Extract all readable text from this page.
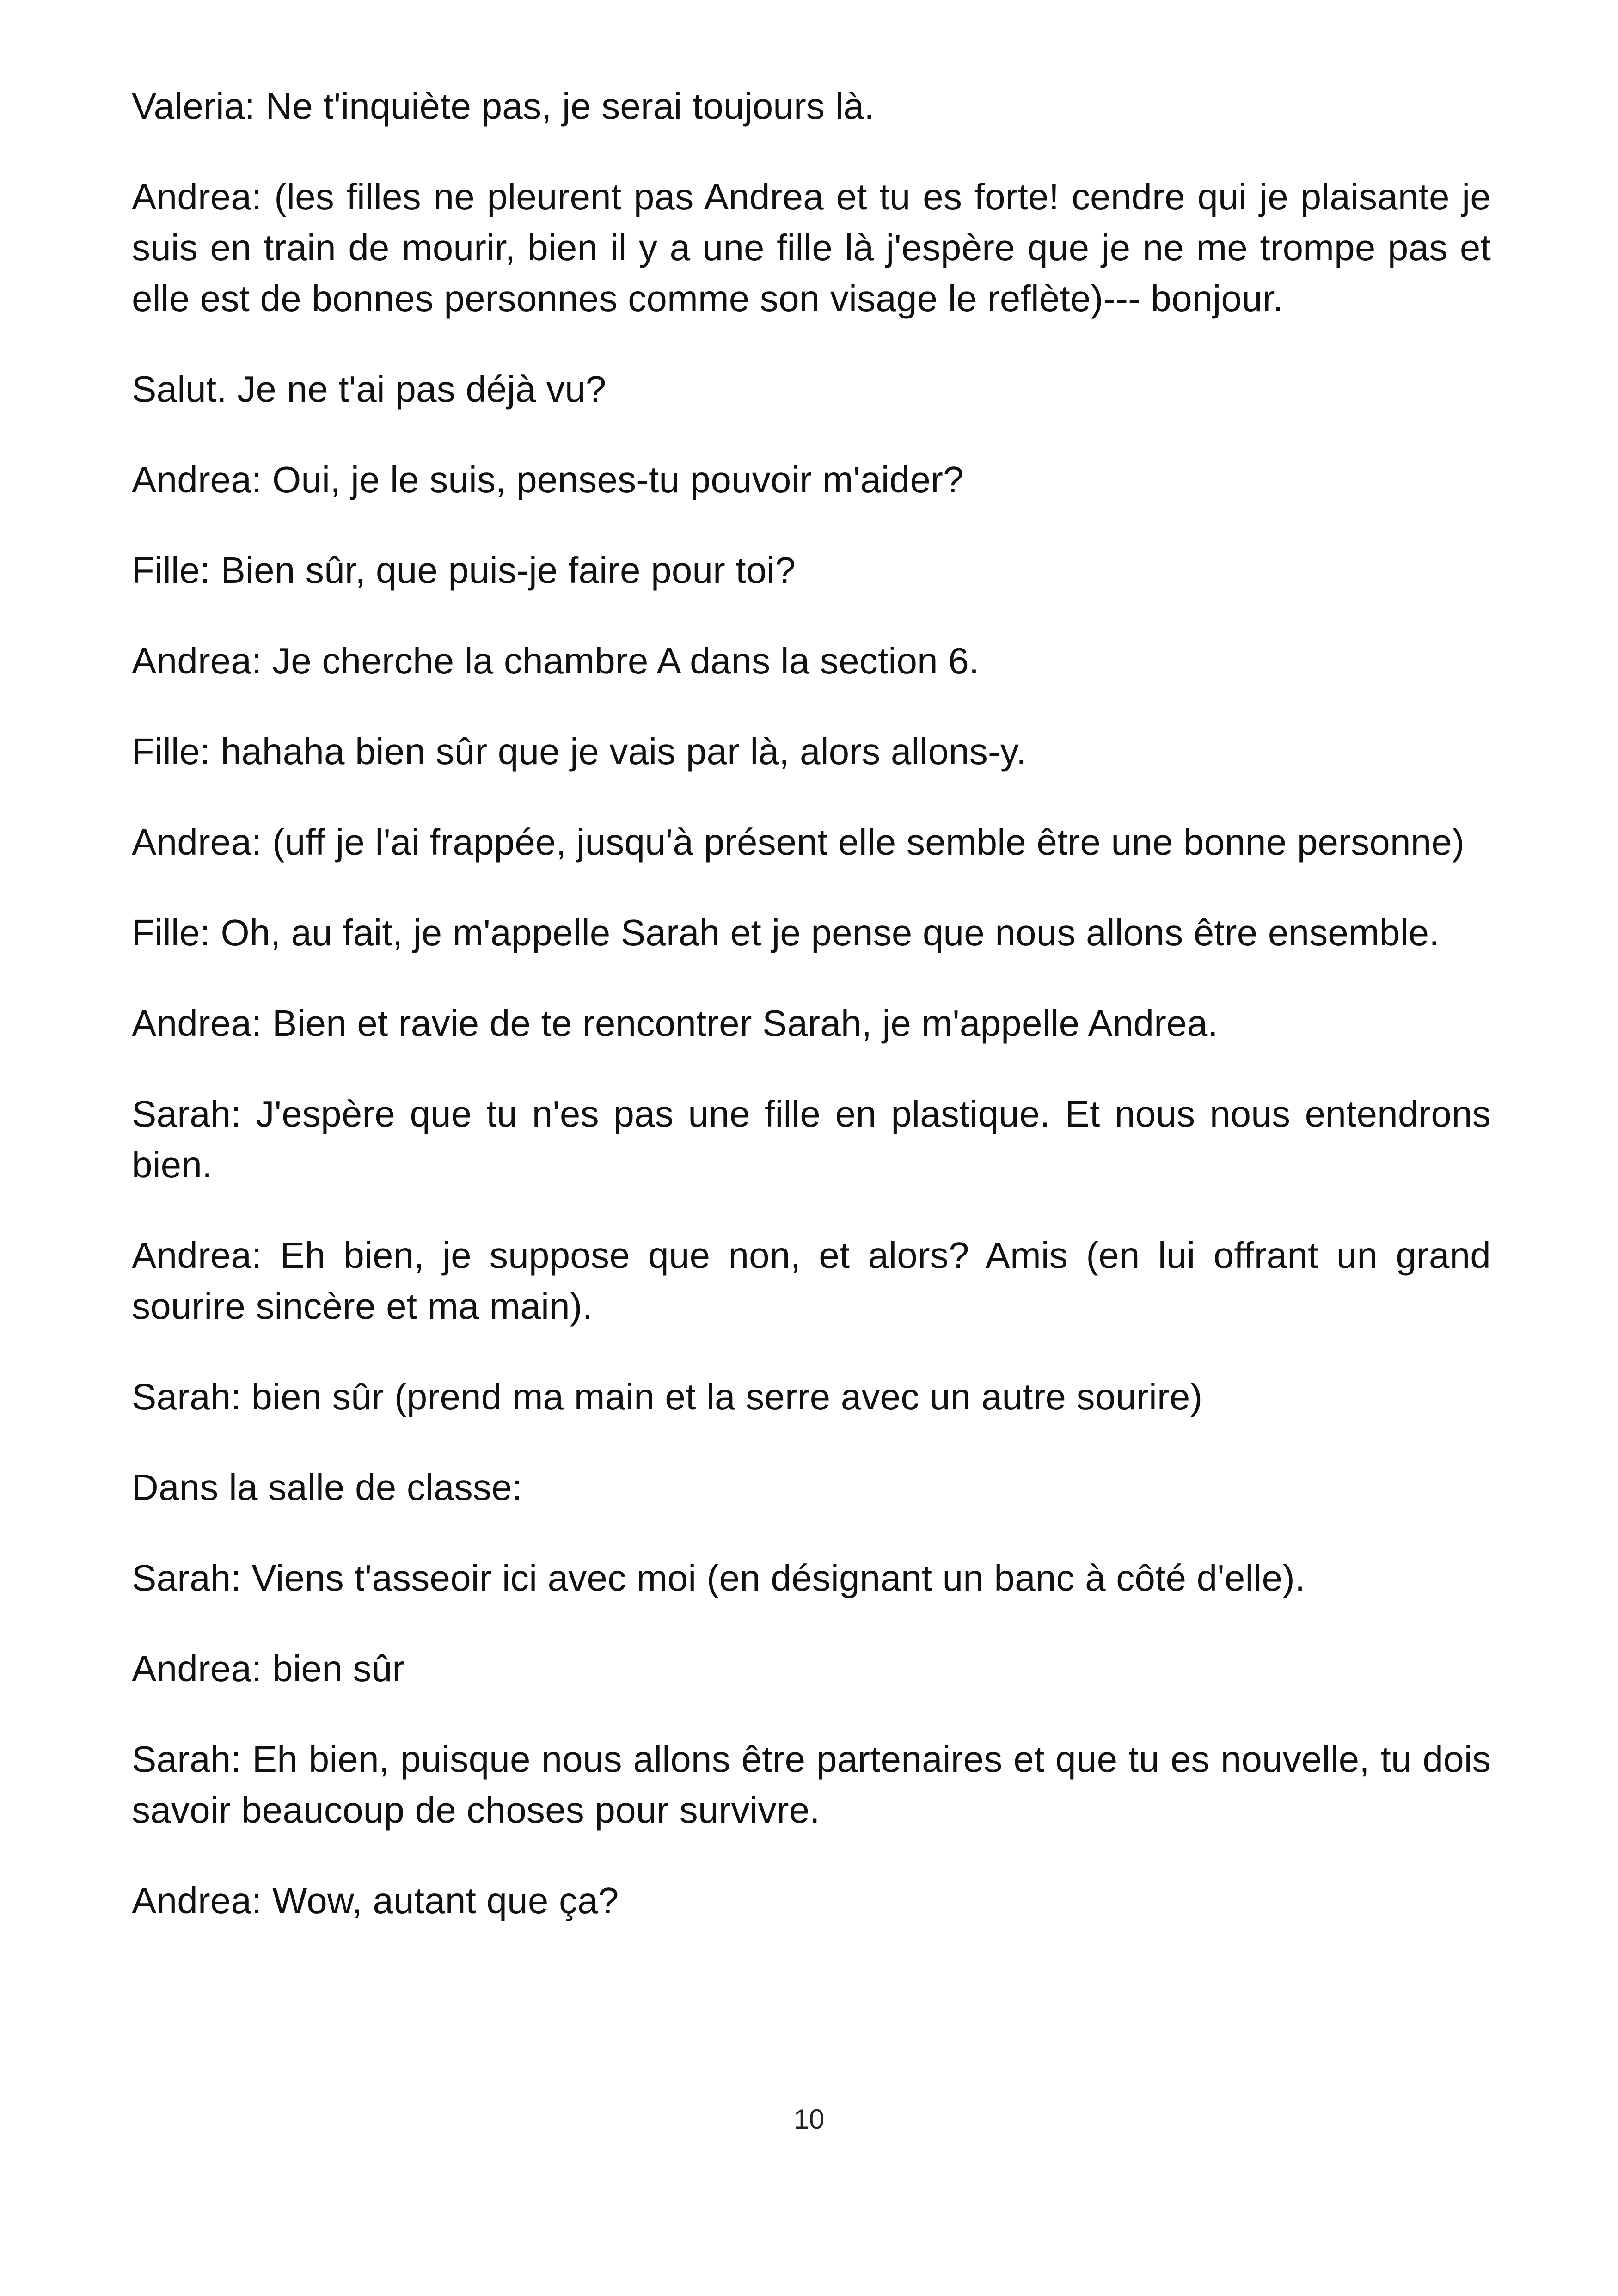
Valeria: Ne t'inquiète pas, je serai toujours là.

Andrea: (les filles ne pleurent pas Andrea et tu es forte! cendre qui je plaisante je suis en train de mourir, bien il y a une fille là j'espère que je ne me trompe pas et elle est de bonnes personnes comme son visage le reflète)--- bonjour.

Salut. Je ne t'ai pas déjà vu?

Andrea: Oui, je le suis, penses-tu pouvoir m'aider?

Fille: Bien sûr, que puis-je faire pour toi?

Andrea: Je cherche la chambre A dans la section 6.

Fille: hahaha bien sûr que je vais par là, alors allons-y.

Andrea: (uff je l'ai frappée, jusqu'à présent elle semble être une bonne personne)

Fille: Oh, au fait, je m'appelle Sarah et je pense que nous allons être ensemble.

Andrea: Bien et ravie de te rencontrer Sarah, je m'appelle Andrea.

Sarah: J'espère que tu n'es pas une fille en plastique. Et nous nous entendrons bien.

Andrea: Eh bien, je suppose que non, et alors? Amis (en lui offrant un grand sourire sincère et ma main).

Sarah: bien sûr (prend ma main et la serre avec un autre sourire)

Dans la salle de classe:

Sarah: Viens t'asseoir ici avec moi (en désignant un banc à côté d'elle).

Andrea: bien sûr

Sarah: Eh bien, puisque nous allons être partenaires et que tu es nouvelle, tu dois savoir beaucoup de choses pour survivre.

Andrea: Wow, autant que ça?

10
